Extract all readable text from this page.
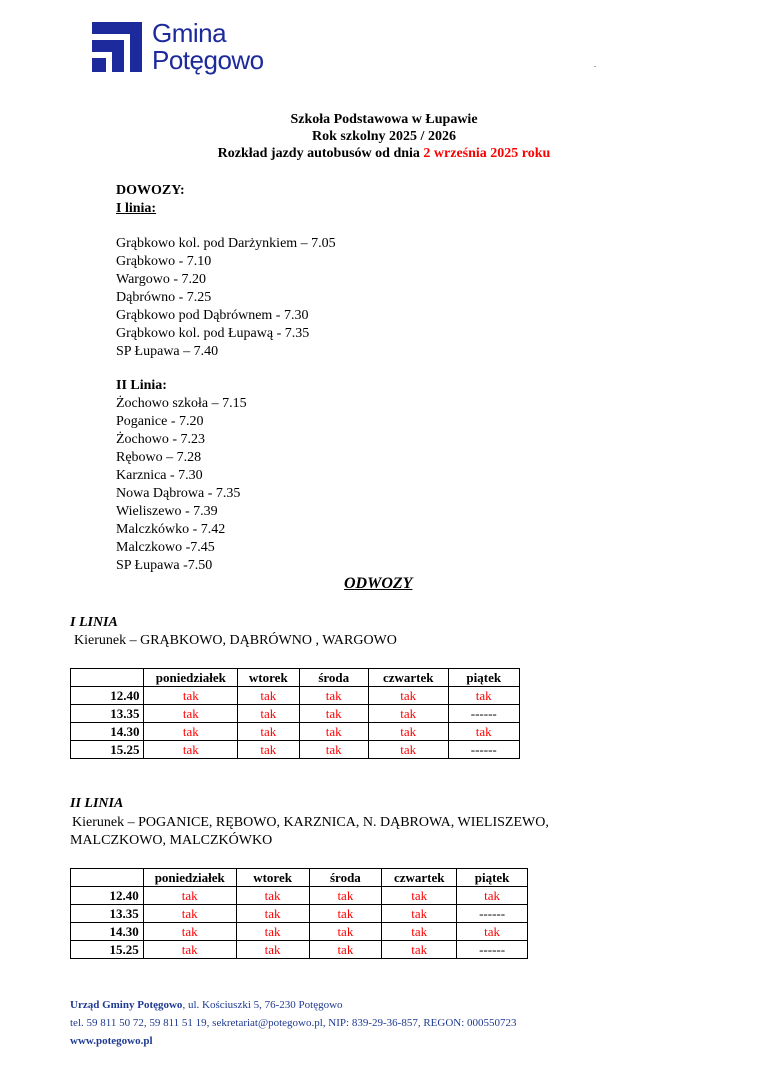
Gmina
Potęgowo	.
Szkoła Podstawowa w Łupawie
Rok szkolny 2025 / 2026
Rozkład jazdy autobusów od dnia 2 września 2025 roku
DOWOZY:
I linia:
Grąbkowo kol. pod Darżynkiem – 7.05
Grąbkowo - 7.10
Wargowo - 7.20
Dąbrówno - 7.25
Grąbkowo pod Dąbrównem - 7.30
Grąbkowo kol. pod Łupawą - 7.35
SP Łupawa – 7.40
II Linia:
Żochowo szkoła – 7.15
Poganice - 7.20
Żochowo - 7.23
Rębowo – 7.28
Karznica - 7.30
Nowa Dąbrowa - 7.35
Wieliszewo - 7.39
Malczkówko - 7.42
Malczkowo -7.45
SP Łupawa -7.50
ODWOZY
I LINIA
Kierunek – GRĄBKOWO, DĄBRÓWNO , WARGOWO
	poniedziałek	wtorek	środa	czwartek	piątek
12.40	tak	tak	tak	tak	tak
13.35	tak	tak	tak	tak	------
14.30	tak	tak	tak	tak	tak
15.25	tak	tak	tak	tak	------
II LINIA
Kierunek – POGANICE, RĘBOWO, KARZNICA, N. DĄBROWA, WIELISZEWO,
MALCZKOWO, MALCZKÓWKO
	poniedziałek	wtorek	środa	czwartek	piątek
12.40	tak	tak	tak	tak	tak
13.35	tak	tak	tak	tak	------
14.30	tak	tak	tak	tak	tak
15.25	tak	tak	tak	tak	------
Urząd Gminy Potęgowo, ul. Kościuszki 5, 76-230 Potęgowo
tel. 59 811 50 72, 59 811 51 19, sekretariat@potegowo.pl, NIP: 839-29-36-857, REGON: 000550723
www.potegowo.pl
